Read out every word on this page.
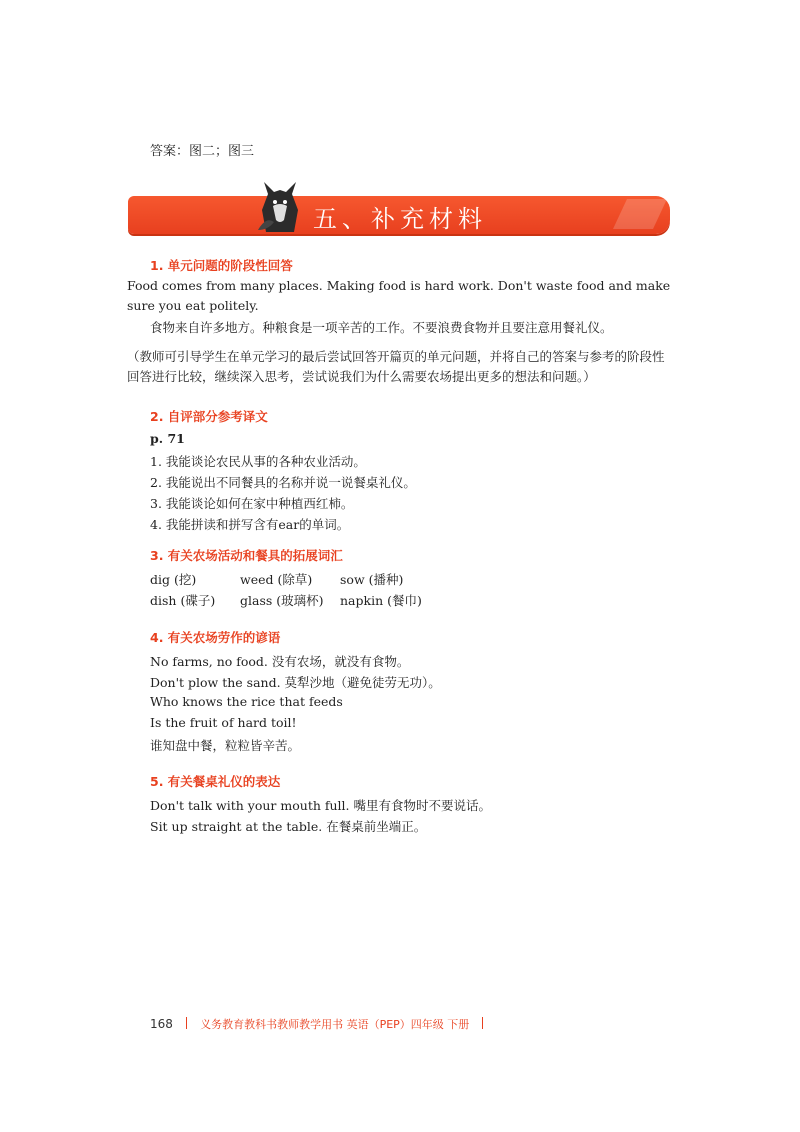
答案：图二；图三
五、补充材料
1. 单元问题的阶段性回答
Food comes from many places. Making food is hard work. Don't waste food and make sure you eat politely.
食物来自许多地方。种粮食是一项辛苦的工作。不要浪费食物并且要注意用餐礼仪。
（教师可引导学生在单元学习的最后尝试回答开篇页的单元问题，并将自己的答案与参考的阶段性回答进行比较，继续深入思考，尝试说我们为什么需要农场提出更多的想法和问题。）
2. 自评部分参考译文
p. 71
1. 我能谈论农民从事的各种农业活动。
2. 我能说出不同餐具的名称并说一说餐桌礼仪。
3. 我能谈论如何在家中种植西红柿。
4. 我能拼读和拼写含有ear的单词。
3. 有关农场活动和餐具的拓展词汇
dig (挖)	weed (除草) sow (播种)
dish (碟子) glass (玻璃杯) napkin (餐巾)
4. 有关农场劳作的谚语
No farms, no food. 没有农场，就没有食物。
Don't plow the sand. 莫犁沙地（避免徒劳无功）。
Who knows the rice that feeds
Is the fruit of hard toil!
谁知盘中餐，粒粒皆辛苦。
5. 有关餐桌礼仪的表达
Don't talk with your mouth full. 嘴里有食物时不要说话。
Sit up straight at the table. 在餐桌前坐端正。
168 义务教育教科书教师教学用书 英语（PEP）四年级 下册
